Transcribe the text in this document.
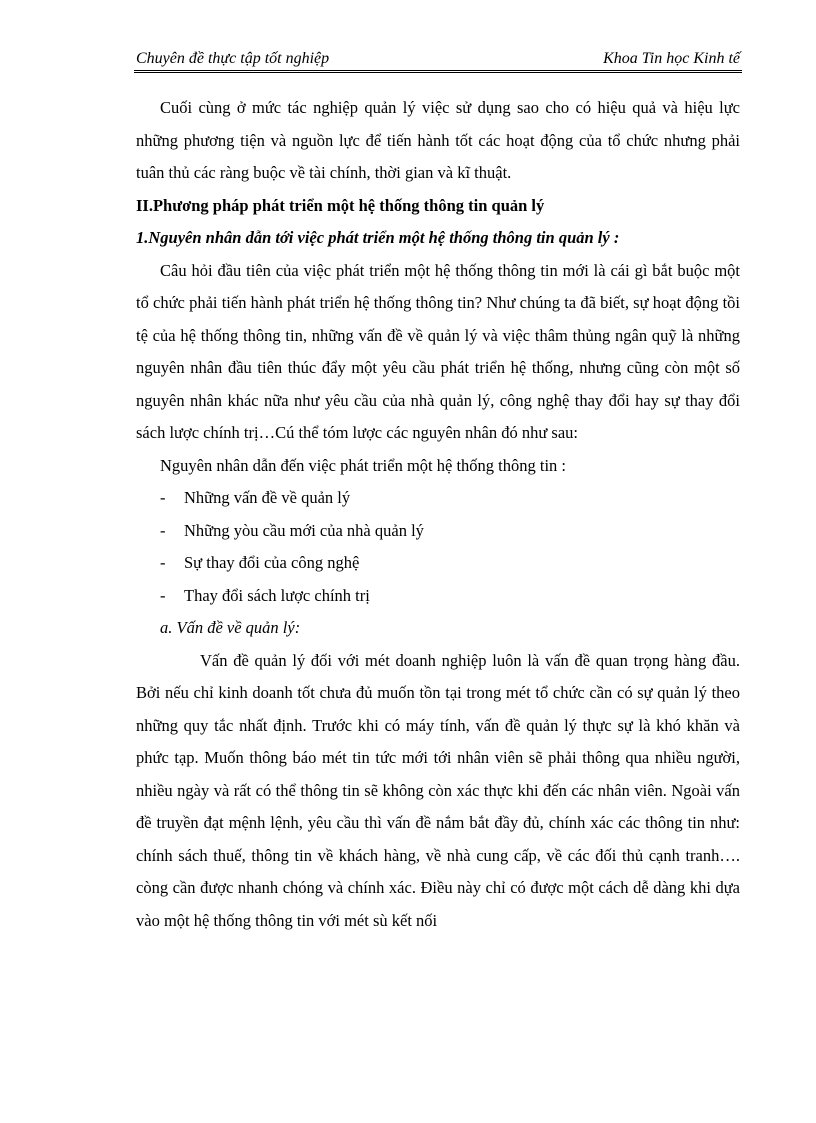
Chuyên đề thực tập tốt nghiệp	Khoa Tin học Kinh tế

Cuối cùng ở mức tác nghiệp quản lý việc sử dụng sao cho có hiệu quả và hiệu lực những phương tiện và nguồn lực để tiến hành tốt các hoạt động của tổ chức nhưng phải tuân thủ các ràng buộc về tài chính, thời gian và kĩ thuật.

II.Phương pháp phát triển một hệ thống thông tin quản lý

1.Nguyên nhân dẫn tới việc phát triển một hệ thống thông tin quản lý :

Câu hỏi đầu tiên của việc phát triển một hệ thống thông tin mới là cái gì bắt buộc một tổ chức phải tiến hành phát triển hệ thống thông tin? Như chúng ta đã biết, sự hoạt động tồi tệ của hệ thống thông tin, những vấn đề về quản lý và việc thâm thủng ngân quỹ là những nguyên nhân đầu tiên thúc đẩy một yêu cầu phát triển hệ thống, nhưng cũng còn một số nguyên nhân khác nữa như yêu cầu của nhà quản lý, công nghệ thay đổi hay sự thay đổi sách lược chính trị…Cú thể tóm lược các nguyên nhân đó như sau:

Nguyên nhân dẫn đến việc phát triển một hệ thống thông tin :

- Những vấn đề về quản lý
- Những yòu cầu mới của nhà quản lý
- Sự thay đổi của công nghệ
- Thay đổi sách lược chính trị

a. Vấn đề về quản lý:

Vấn đề quản lý đối với mét doanh nghiệp luôn là vấn đề quan trọng hàng đầu. Bởi nếu chỉ kinh doanh tốt chưa đủ muốn tồn tại trong mét tổ chức cần có sự quản lý theo những quy tắc nhất định. Trước khi có máy tính, vấn đề quản lý thực sự là khó khăn và phức tạp. Muốn thông báo mét tin tức mới tới nhân viên sẽ phải thông qua nhiều người, nhiều ngày và rất có thể thông tin sẽ không còn xác thực khi đến các nhân viên. Ngoài vấn đề truyền đạt mệnh lệnh, yêu cầu thì vấn đề nắm bắt đầy đủ, chính xác các thông tin như: chính sách thuế, thông tin về khách hàng, về nhà cung cấp, về các đối thủ cạnh tranh…. còng cần được nhanh chóng và chính xác. Điều này chỉ có được một cách dễ dàng khi dựa vào một hệ thống thông tin với mét sù kết nối
